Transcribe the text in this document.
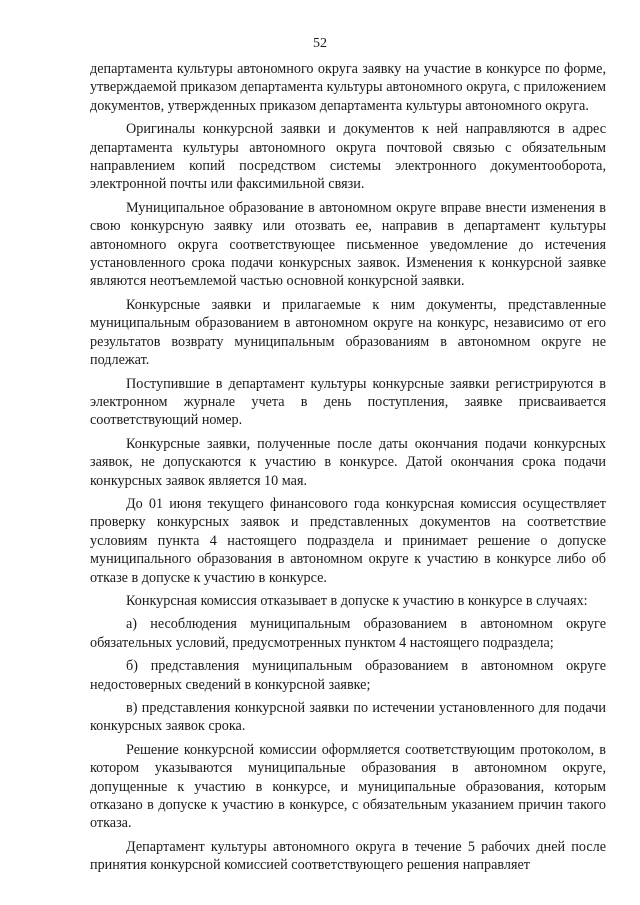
52

департамента культуры автономного округа заявку на участие в конкурсе по форме, утверждаемой приказом департамента культуры автономного округа, с приложением документов, утвержденных приказом департамента культуры автономного округа.

Оригиналы конкурсной заявки и документов к ней направляются в адрес департамента культуры автономного округа почтовой связью с обязательным направлением копий посредством системы электронного документооборота, электронной почты или факсимильной связи.

Муниципальное образование в автономном округе вправе внести изменения в свою конкурсную заявку или отозвать ее, направив в департамент культуры автономного округа соответствующее письменное уведомление до истечения установленного срока подачи конкурсных заявок. Изменения к конкурсной заявке являются неотъемлемой частью основной конкурсной заявки.

Конкурсные заявки и прилагаемые к ним документы, представленные муниципальным образованием в автономном округе на конкурс, независимо от его результатов возврату муниципальным образованиям в автономном округе не подлежат.

Поступившие в департамент культуры конкурсные заявки регистрируются в электронном журнале учета в день поступления, заявке присваивается соответствующий номер.

Конкурсные заявки, полученные после даты окончания подачи конкурсных заявок, не допускаются к участию в конкурсе. Датой окончания срока подачи конкурсных заявок является 10 мая.

До 01 июня текущего финансового года конкурсная комиссия осуществляет проверку конкурсных заявок и представленных документов на соответствие условиям пункта 4 настоящего подраздела и принимает решение о допуске муниципального образования в автономном округе к участию в конкурсе либо об отказе в допуске к участию в конкурсе.

Конкурсная комиссия отказывает в допуске к участию в конкурсе в случаях:

а) несоблюдения муниципальным образованием в автономном округе обязательных условий, предусмотренных пунктом 4 настоящего подраздела;

б) представления муниципальным образованием в автономном округе недостоверных сведений в конкурсной заявке;

в) представления конкурсной заявки по истечении установленного для подачи конкурсных заявок срока.

Решение конкурсной комиссии оформляется соответствующим протоколом, в котором указываются муниципальные образования в автономном округе, допущенные к участию в конкурсе, и муниципальные образования, которым отказано в допуске к участию в конкурсе, с обязательным указанием причин такого отказа.

Департамент культуры автономного округа в течение 5 рабочих дней после принятия конкурсной комиссией соответствующего решения направляет
